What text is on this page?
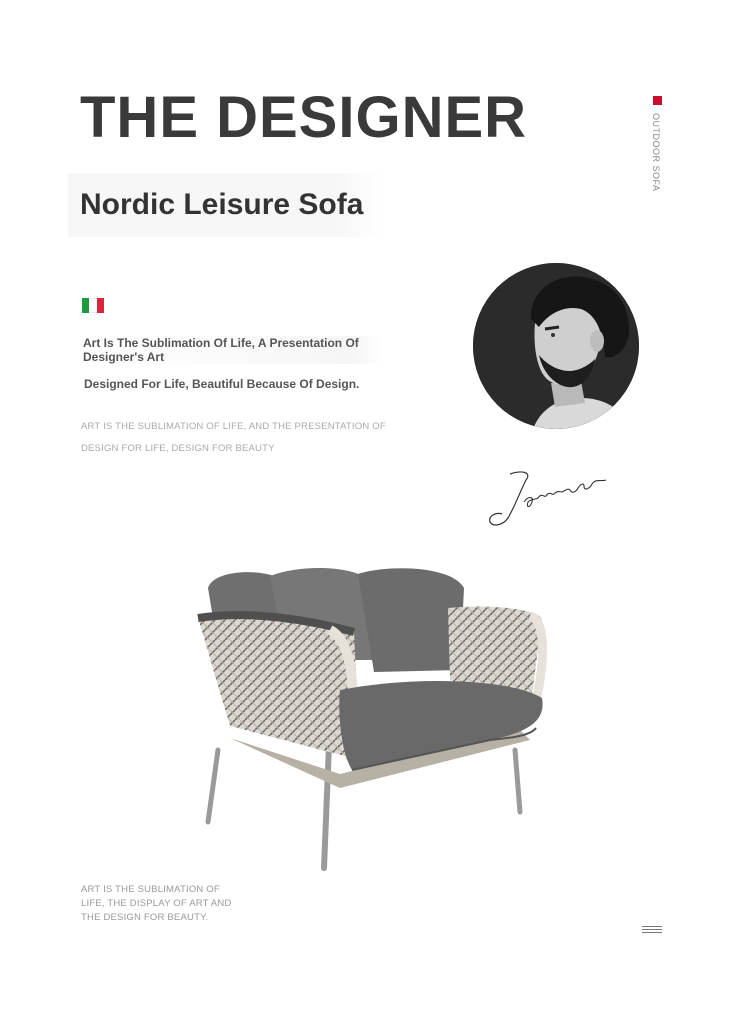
THE DESIGNER	OUTDOOR SOFA
Nordic Leisure Sofa
Art Is The Sublimation Of Life, A Presentation Of Designer's Art
Designed For Life, Beautiful Because Of Design.
ART IS THE SUBLIMATION OF LIFE, AND THE PRESENTATION OF
DESIGN FOR LIFE, DESIGN FOR BEAUTY
ART IS THE SUBLIMATION OF LIFE, THE DISPLAY OF ART AND THE DESIGN FOR BEAUTY.
